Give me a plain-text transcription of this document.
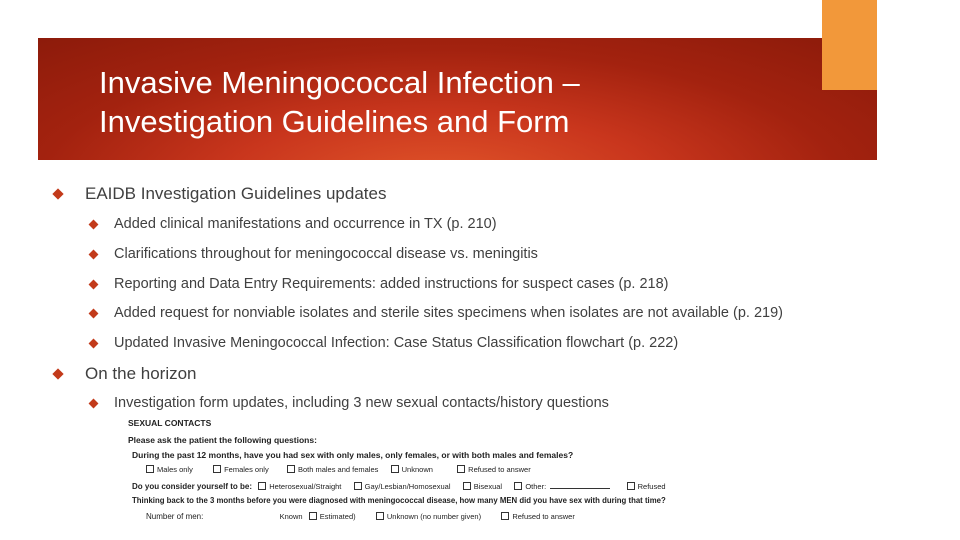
Invasive Meningococcal Infection –
Investigation Guidelines and Form
EAIDB Investigation Guidelines updates
Added clinical manifestations and occurrence in TX (p. 210)
Clarifications throughout for meningococcal disease vs. meningitis
Reporting and Data Entry Requirements: added instructions for suspect cases (p. 218)
Added request for nonviable isolates and sterile sites specimens when isolates are not available (p. 219)
Updated Invasive Meningococcal Infection: Case Status Classification flowchart (p. 222)
On the horizon
Investigation form updates, including 3 new sexual contacts/history questions
SEXUAL CONTACTS
Please ask the patient the following questions:
During the past 12 months, have you had sex with only males, only females, or with both males and females?
Males only	Females only	Both males and females	Unknown	Refused to answer
Do you consider yourself to be: Heterosexual/Straight	Gay/Lesbian/Homosexual	Bisexual	Other:	Refused
Thinking back to the 3 months before you were diagnosed with meningococcal disease, how many MEN did you have sex with during that time?
Number of men:	Known Estimated)	Unknown (no number given)	Refused to answer
